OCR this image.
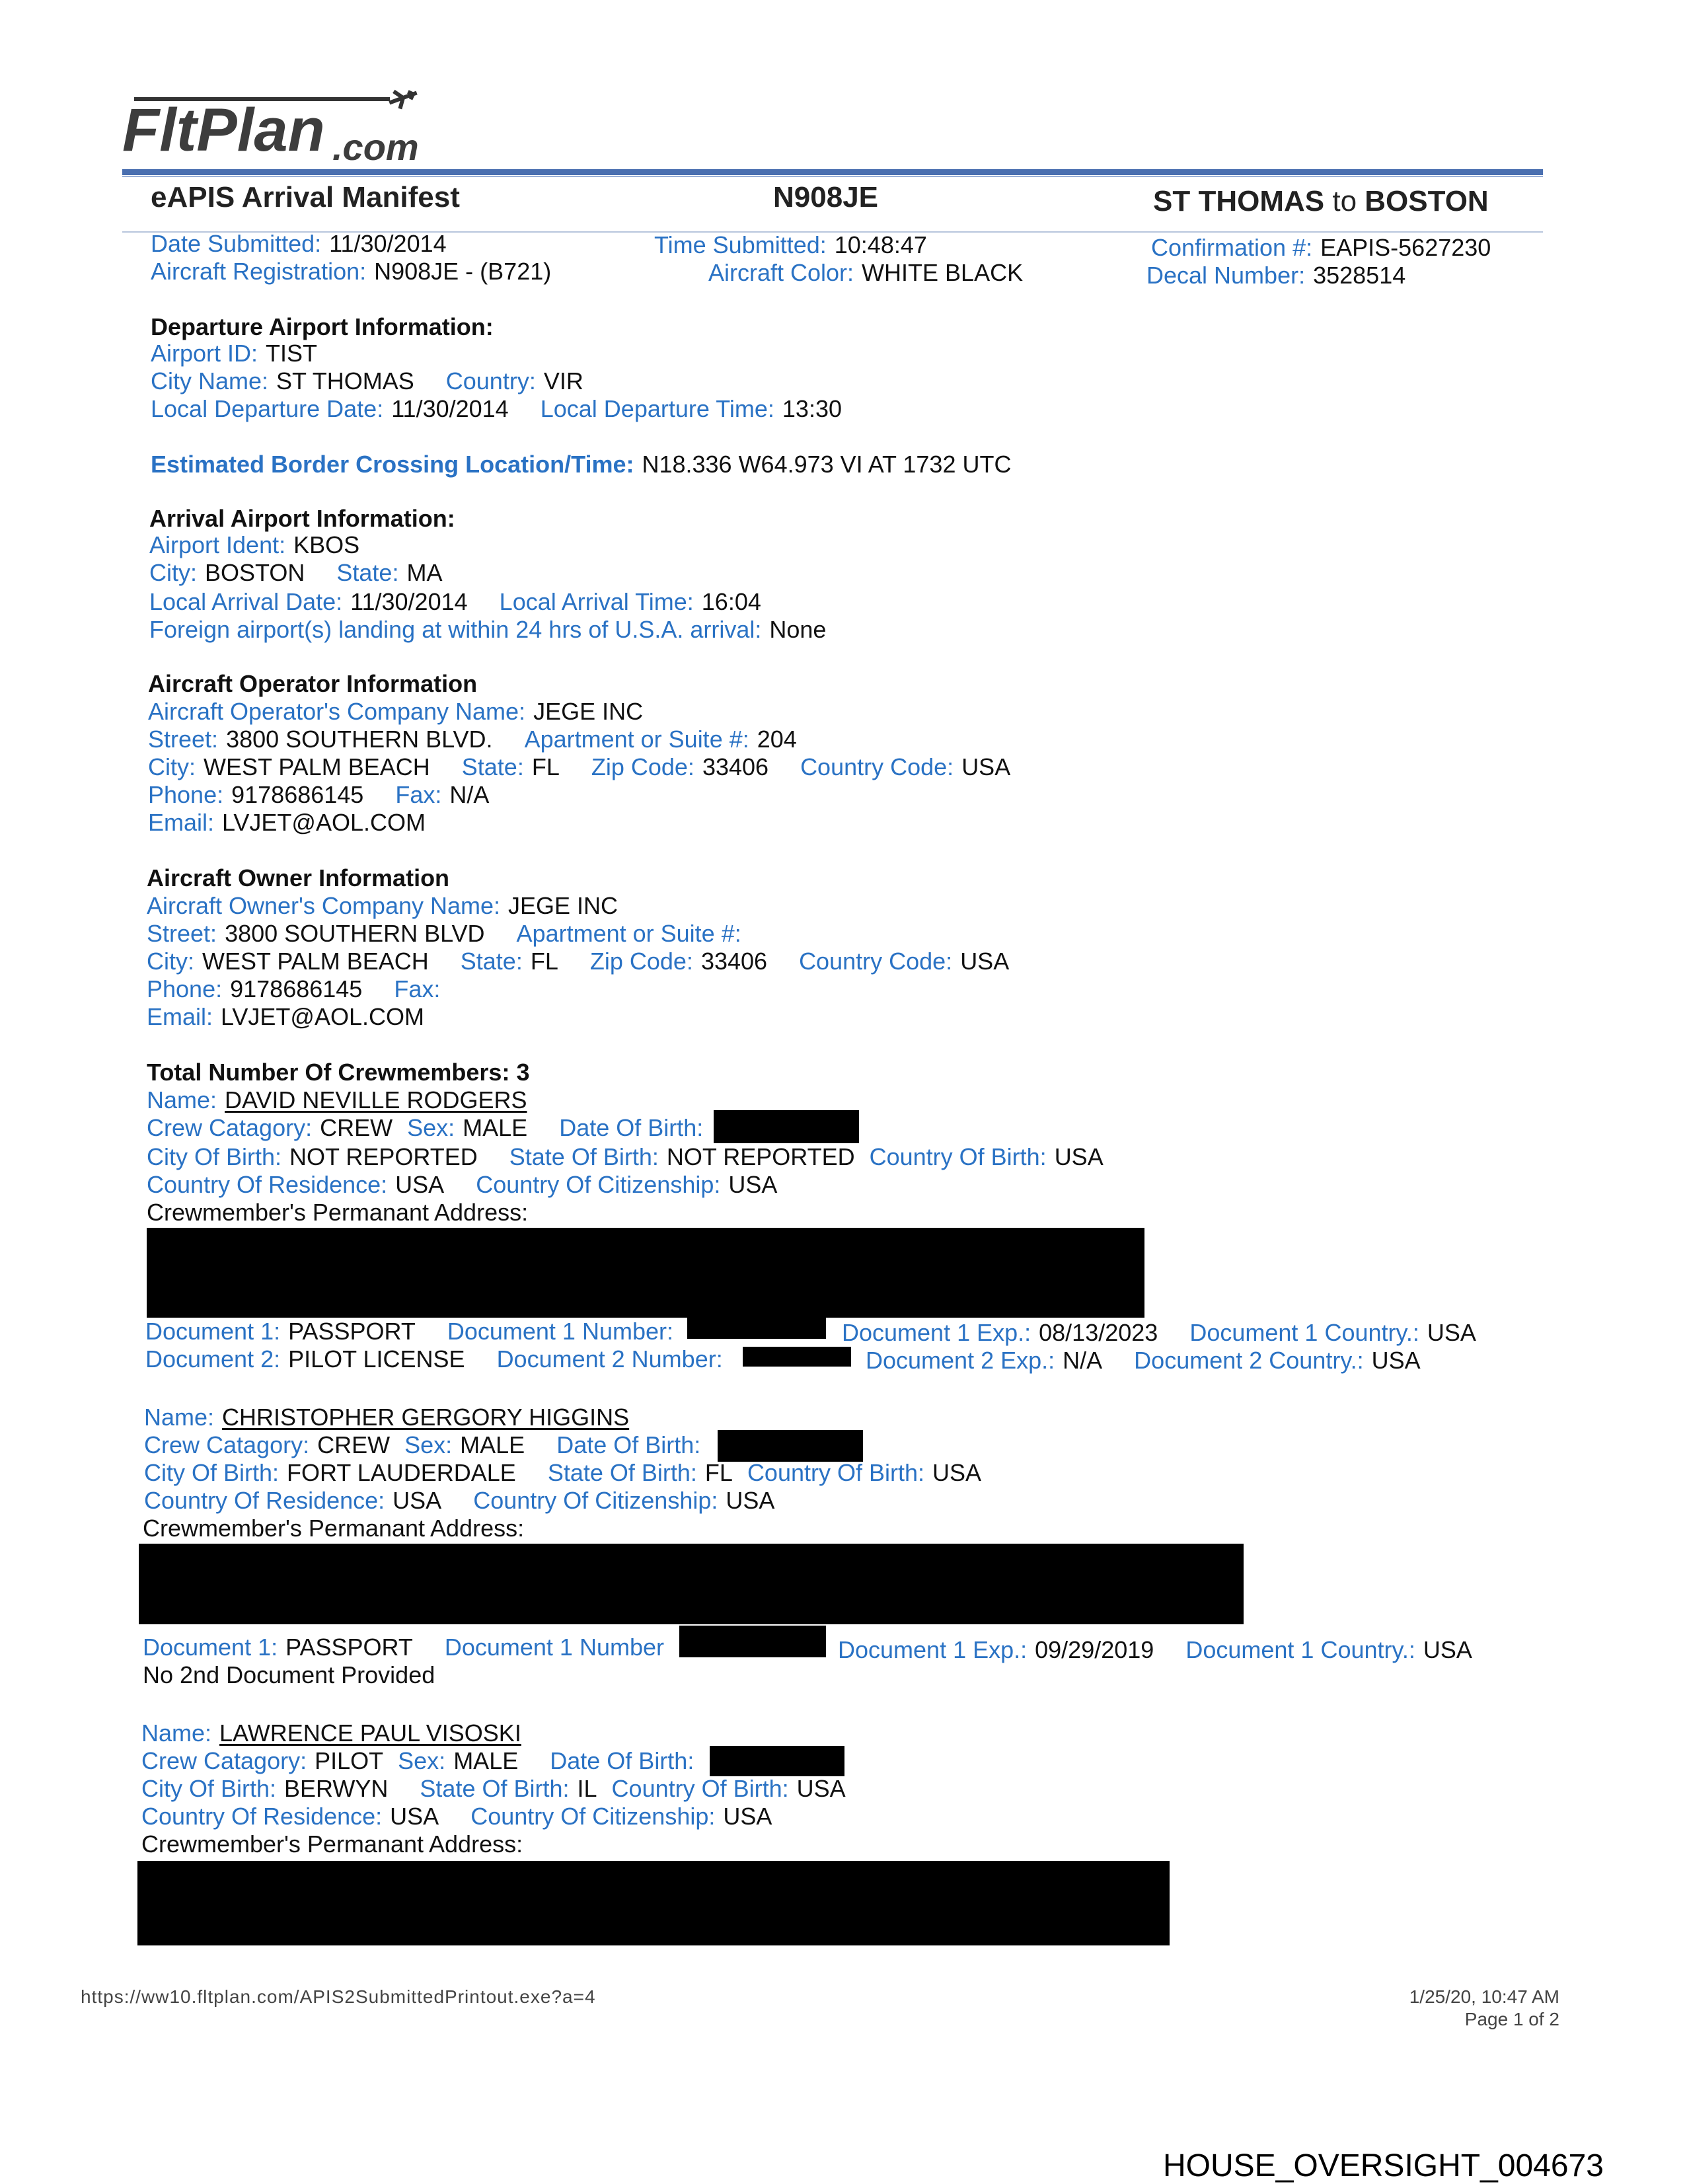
FltPlan .com
eAPIS Arrival Manifest	N908JE	ST THOMAS to BOSTON
Date Submitted: 11/30/2014
Aircraft Registration: N908JE - (B721)
Time Submitted: 10:48:47
Aircraft Color: WHITE BLACK
Confirmation #: EAPIS-5627230
Decal Number: 3528514
Departure Airport Information:
Airport ID: TIST
City Name: ST THOMAS Country: VIR
Local Departure Date: 11/30/2014 Local Departure Time: 13:30
Estimated Border Crossing Location/Time: N18.336 W64.973 VI AT 1732 UTC
Arrival Airport Information:
Airport Ident: KBOS
City: BOSTON State: MA
Local Arrival Date: 11/30/2014 Local Arrival Time: 16:04
Foreign airport(s) landing at within 24 hrs of U.S.A. arrival: None
Aircraft Operator Information
Aircraft Operator's Company Name: JEGE INC
Street: 3800 SOUTHERN BLVD. Apartment or Suite #: 204
City: WEST PALM BEACH State: FL Zip Code: 33406 Country Code: USA
Phone: 9178686145 Fax: N/A
Email: LVJET@AOL.COM
Aircraft Owner Information
Aircraft Owner's Company Name: JEGE INC
Street: 3800 SOUTHERN BLVD Apartment or Suite #:
City: WEST PALM BEACH State: FL Zip Code: 33406 Country Code: USA
Phone: 9178686145 Fax:
Email: LVJET@AOL.COM
Total Number Of Crewmembers: 3
Name: DAVID NEVILLE RODGERS
Crew Catagory: CREW Sex: MALE Date Of Birth:
City Of Birth: NOT REPORTED State Of Birth: NOT REPORTED Country Of Birth: USA
Country Of Residence: USA Country Of Citizenship: USA
Crewmember's Permanant Address:
Document 1: PASSPORT Document 1 Number:	Document 1 Exp.: 08/13/2023 Document 1 Country.: USA
Document 2: PILOT LICENSE Document 2 Number:	Document 2 Exp.: N/A Document 2 Country.: USA
Name: CHRISTOPHER GERGORY HIGGINS
Crew Catagory: CREW Sex: MALE Date Of Birth:
City Of Birth: FORT LAUDERDALE State Of Birth: FL Country Of Birth: USA
Country Of Residence: USA Country Of Citizenship: USA
Crewmember's Permanant Address:
Document 1: PASSPORT Document 1 Number	Document 1 Exp.: 09/29/2019 Document 1 Country.: USA
No 2nd Document Provided
Name: LAWRENCE PAUL VISOSKI
Crew Catagory: PILOT Sex: MALE Date Of Birth:
City Of Birth: BERWYN State Of Birth: IL Country Of Birth: USA
Country Of Residence: USA Country Of Citizenship: USA
Crewmember's Permanant Address:
https://ww10.fltplan.com/APIS2SubmittedPrintout.exe?a=4	1/25/20, 10:47 AM
Page 1 of 2
HOUSE_OVERSIGHT_004673
